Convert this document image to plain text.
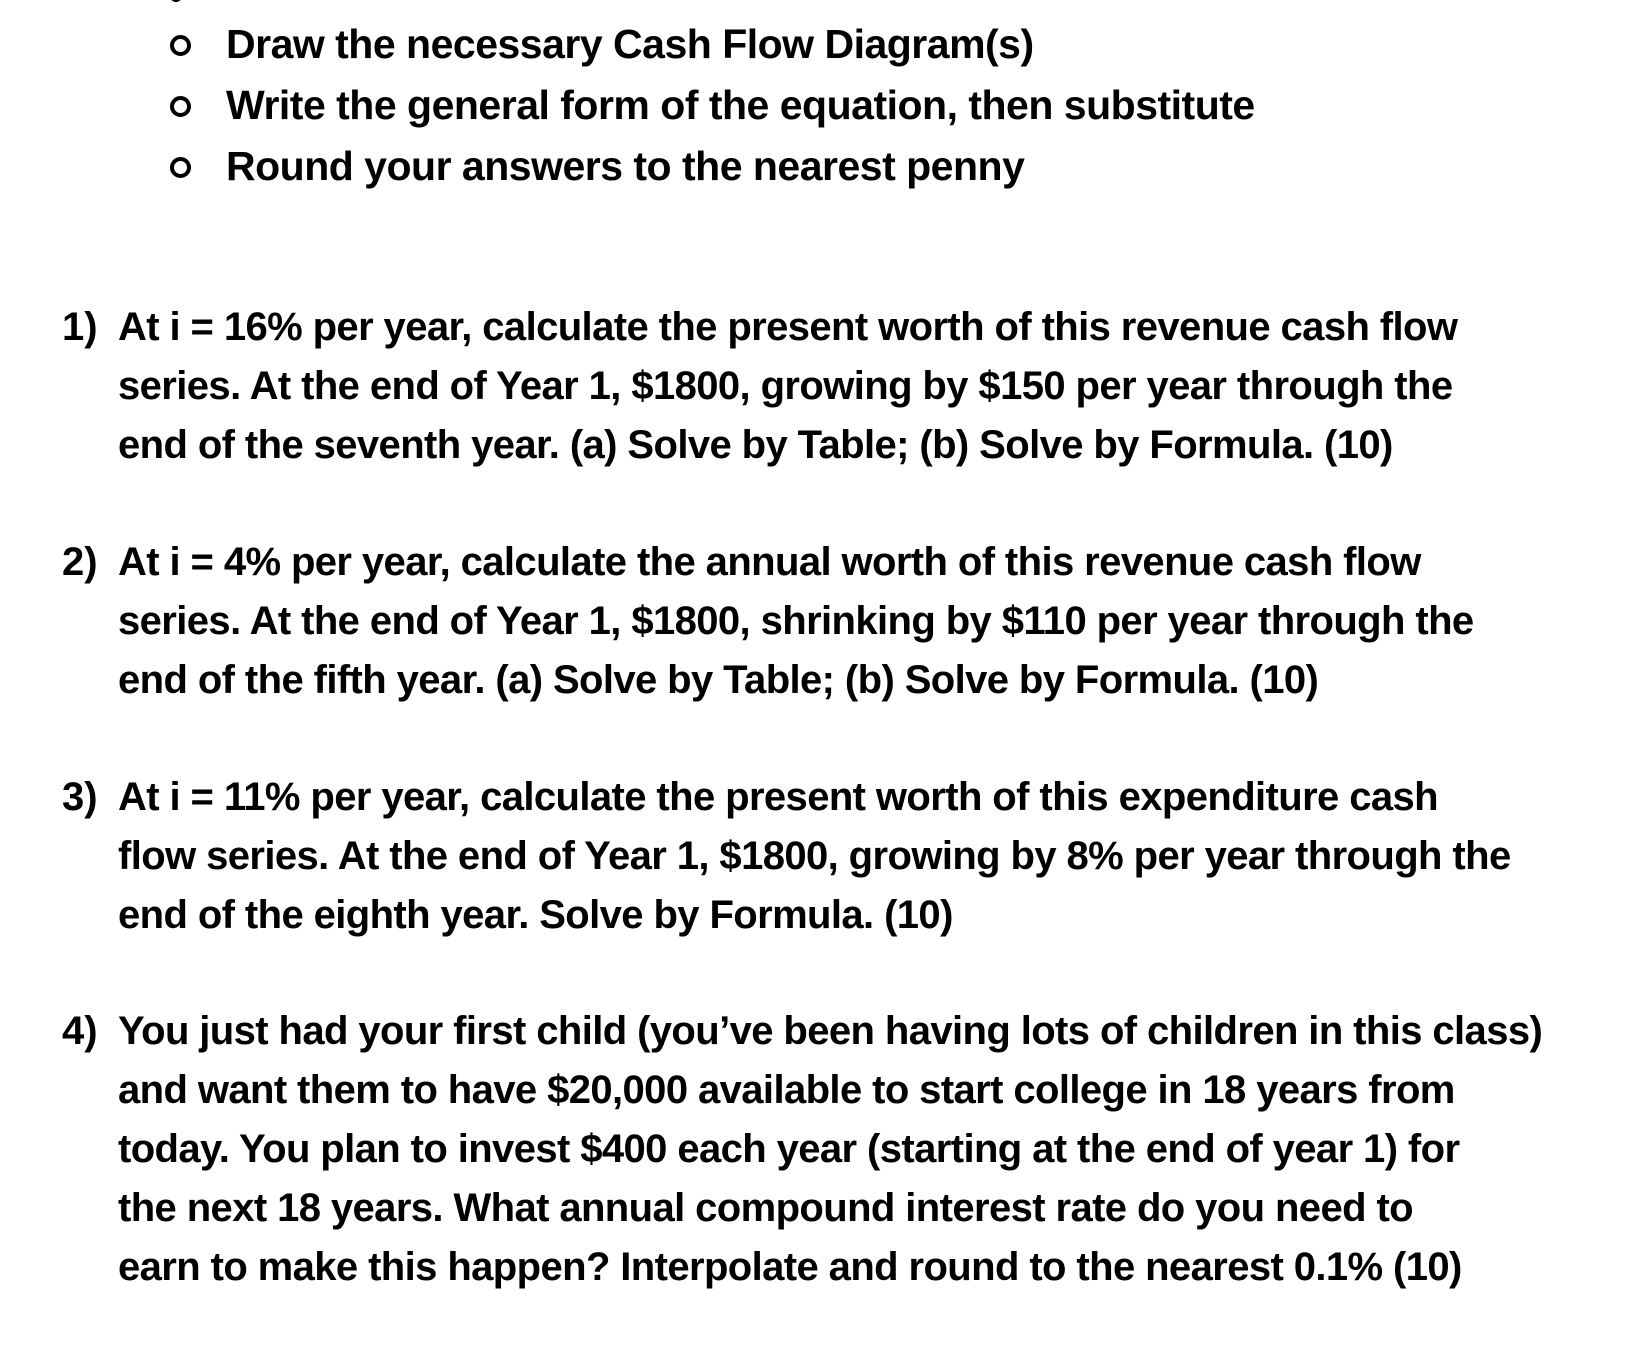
Draw the necessary Cash Flow Diagram(s)
Write the general form of the equation, then substitute
Round your answers to the nearest penny
1) At i = 16% per year, calculate the present worth of this revenue cash flow
series. At the end of Year 1, $1800, growing by $150 per year through the
end of the seventh year. (a) Solve by Table; (b) Solve by Formula. (10)
2) At i = 4% per year, calculate the annual worth of this revenue cash flow
series. At the end of Year 1, $1800, shrinking by $110 per year through the
end of the fifth year. (a) Solve by Table; (b) Solve by Formula. (10)
3) At i = 11% per year, calculate the present worth of this expenditure cash
flow series. At the end of Year 1, $1800, growing by 8% per year through the
end of the eighth year. Solve by Formula. (10)
4) You just had your first child (you’ve been having lots of children in this class)
and want them to have $20,000 available to start college in 18 years from
today. You plan to invest $400 each year (starting at the end of year 1) for
the next 18 years. What annual compound interest rate do you need to
earn to make this happen? Interpolate and round to the nearest 0.1% (10)
